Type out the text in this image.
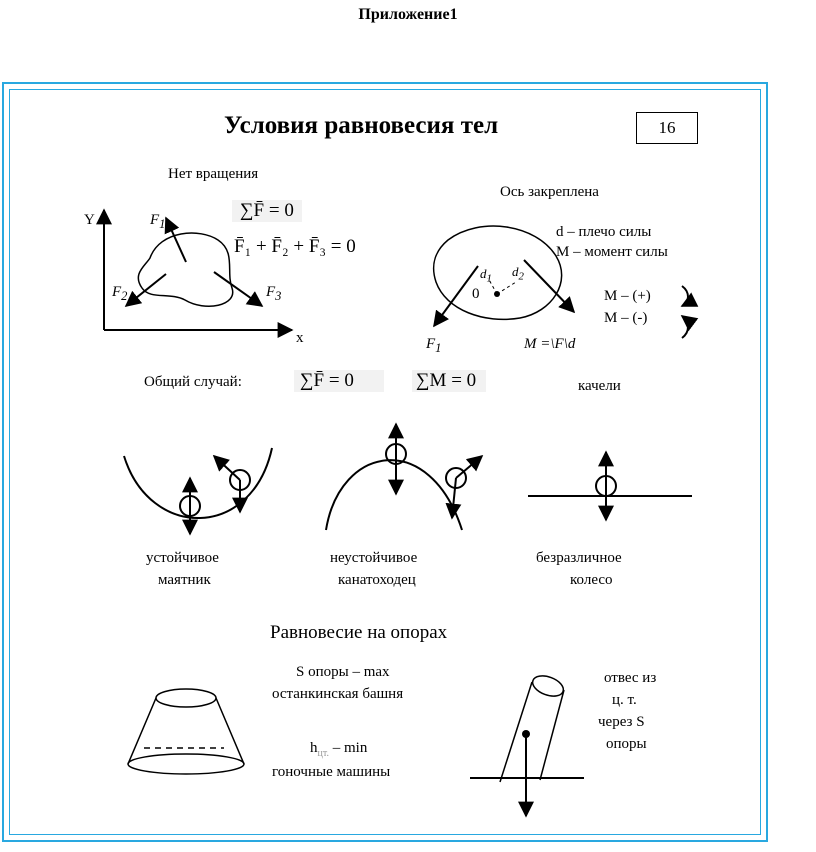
Приложение1
Условия равновесия тел	16
Нет вращения
Y
x
$F_1$
$F_2$	$F_3$
∑F̄ = 0
F̄₁ + F̄₂ + F̄₃ = 0
Ось закреплена
d – плечо силы
M – момент силы
M – (+)
M – (-)
$d_1$ $d_2$
0
$F_1$	M =\F\d
Общий случай:	∑F̄ = 0	∑M = 0	качели
устойчивое
маятник
неустойчивое
канатоходец
безразличное
колесо
Равновесие на опорах
S опоры – max
останкинская башня
$h_{цт.}$ – min
гоночные машины
отвес из
ц. т.
через S
опоры
